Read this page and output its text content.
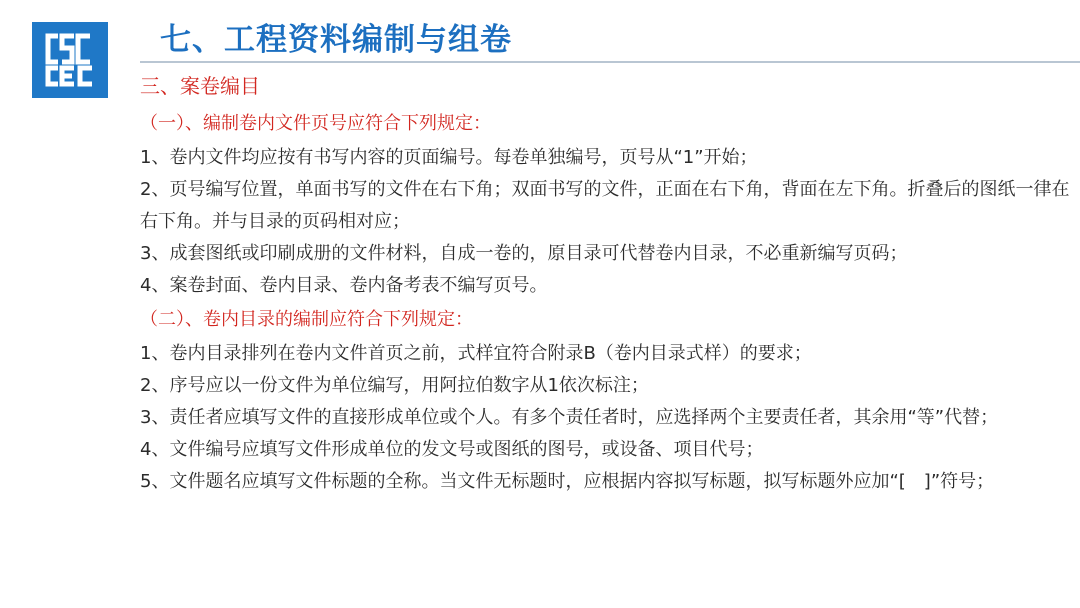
七、工程资料编制与组卷

三、案卷编目

（一）、编制卷内文件页号应符合下列规定：

1、卷内文件均应按有书写内容的页面编号。每卷单独编号，页号从“1”开始；

2、页号编写位置，单面书写的文件在右下角；双面书写的文件，正面在右下角，背面在左下角。折叠后的图纸一律在右下角。并与目录的页码相对应；

3、成套图纸或印刷成册的文件材料，自成一卷的，原目录可代替卷内目录，不必重新编写页码；

4、案卷封面、卷内目录、卷内备考表不编写页号。

（二）、卷内目录的编制应符合下列规定：

1、卷内目录排列在卷内文件首页之前，式样宜符合附录B（卷内目录式样）的要求；

2、序号应以一份文件为单位编写，用阿拉伯数字从1依次标注；

3、责任者应填写文件的直接形成单位或个人。有多个责任者时，应选择两个主要责任者，其余用“等”代替；

4、文件编号应填写文件形成单位的发文号或图纸的图号，或设备、项目代号；

5、文件题名应填写文件标题的全称。当文件无标题时，应根据内容拟写标题，拟写标题外应加“[　]”符号；
